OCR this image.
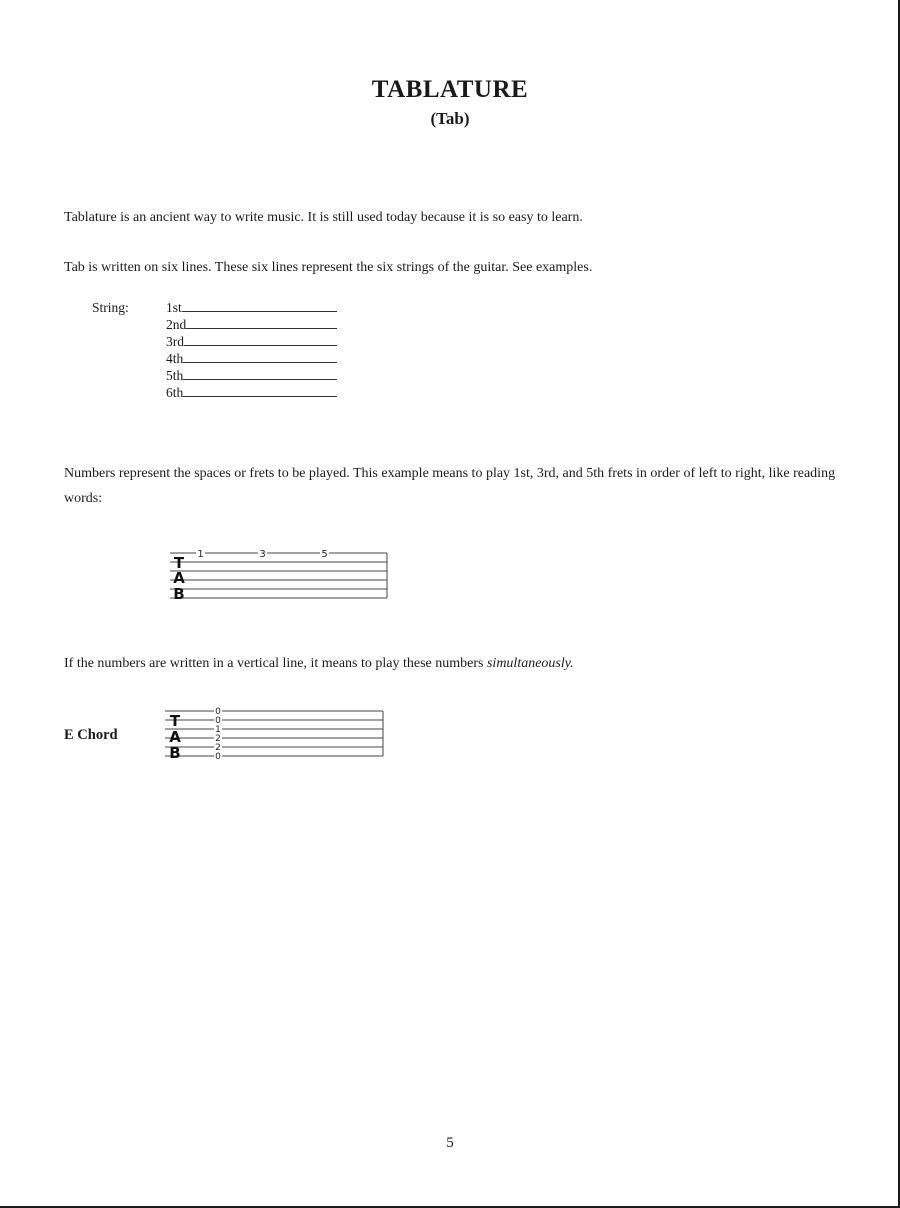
TABLATURE
(Tab)

Tablature is an ancient way to write music. It is still used today because it is so easy to learn.

Tab is written on six lines. These six lines represent the six strings of the guitar. See examples.

String:	1st
2nd
3rd
4th
5th
6th

Numbers represent the spaces or frets to be played. This example means to play 1st, 3rd, and 5th frets in order of left to right, like reading words:

T
A
B
1	3	5

If the numbers are written in a vertical line, it means to play these numbers simultaneously.

E Chord
T
A
B
0
0
1
2
2
0
5
